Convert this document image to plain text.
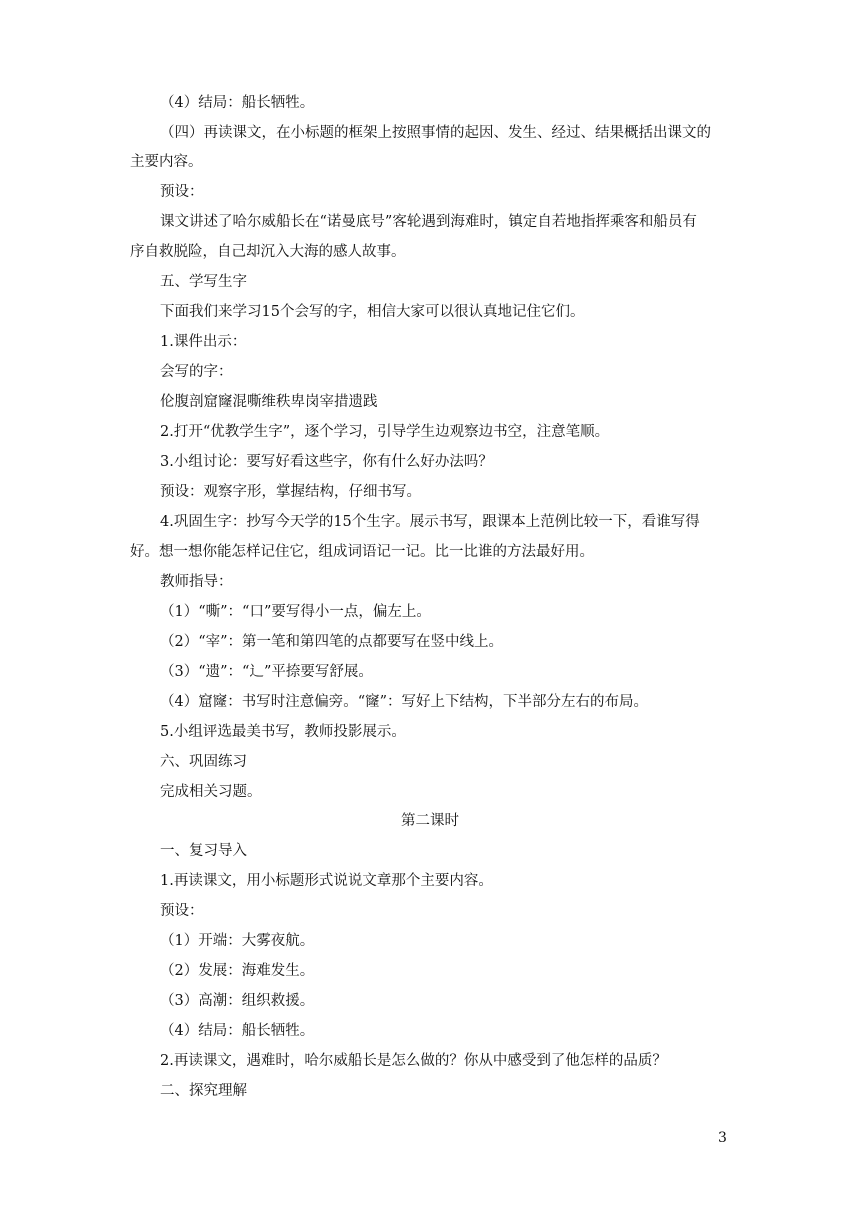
（4）结局：船长牺牲。
（四）再读课文，在小标题的框架上按照事情的起因、发生、经过、结果概括出课文的
主要内容。
预设：
课文讲述了哈尔威船长在“诺曼底号”客轮遇到海难时，镇定自若地指挥乘客和船员有
序自救脱险，自己却沉入大海的感人故事。
五、学写生字
下面我们来学习15个会写的字，相信大家可以很认真地记住它们。
1.课件出示：
会写的字：
伦腹剖窟窿混嘶维秩卑岗宰措遗践
2.打开“优教学生字”，逐个学习，引导学生边观察边书空，注意笔顺。
3.小组讨论：要写好看这些字，你有什么好办法吗？
预设：观察字形，掌握结构，仔细书写。
4.巩固生字：抄写今天学的15个生字。展示书写，跟课本上范例比较一下，看谁写得
好。想一想你能怎样记住它，组成词语记一记。比一比谁的方法最好用。
教师指导：
（1）“嘶”：“口”要写得小一点，偏左上。
（2）“宰”：第一笔和第四笔的点都要写在竖中线上。
（3）“遗”：“辶”平捺要写舒展。
（4）窟窿：书写时注意偏旁。“窿”：写好上下结构，下半部分左右的布局。
5.小组评选最美书写，教师投影展示。
六、巩固练习
完成相关习题。
第二课时
一、复习导入
1.再读课文，用小标题形式说说文章那个主要内容。
预设：
（1）开端：大雾夜航。
（2）发展：海难发生。
（3）高潮：组织救援。
（4）结局：船长牺牲。
2.再读课文，遇难时，哈尔威船长是怎么做的？你从中感受到了他怎样的品质？
二、探究理解
3
